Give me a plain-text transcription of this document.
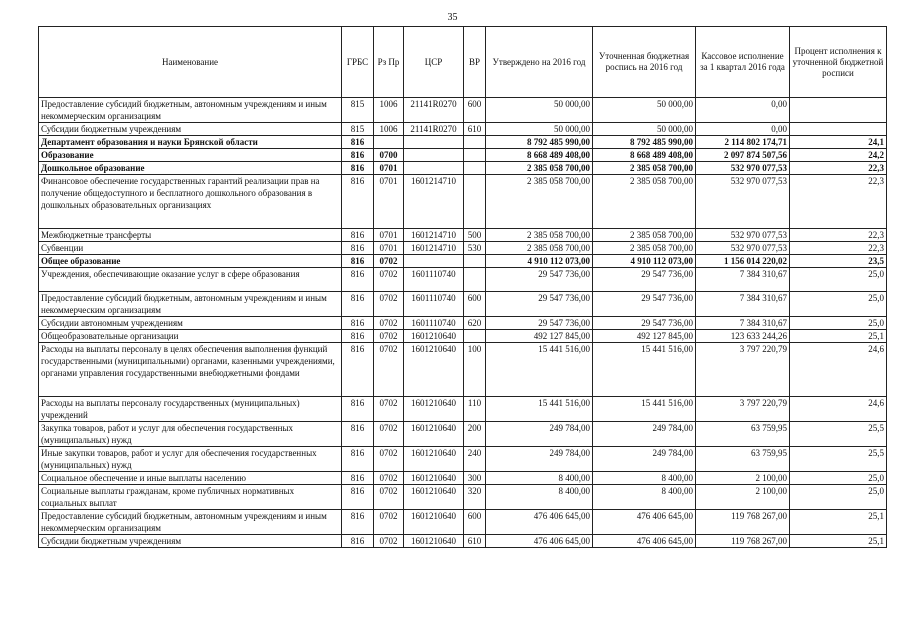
35
Наименование	ГРБС	Рз Пр	ЦСР	ВР	Утверждено на 2016 год	Уточненная бюджетная роспись на 2016 год	Кассовое исполнение за 1 квартал 2016 года	Процент исполнения к уточненной бюджетной росписи
Предоставление субсидий бюджетным, автономным учреждениям и иным некоммерческим организациям	815	1006	21141R0270	600	50 000,00	50 000,00	0,00	
Субсидии бюджетным учреждениям	815	1006	21141R0270	610	50 000,00	50 000,00	0,00	
Департамент образования и науки Брянской области	816				8 792 485 990,00	8 792 485 990,00	2 114 802 174,71	24,1
Образование	816	0700			8 668 489 408,00	8 668 489 408,00	2 097 874 507,56	24,2
Дошкольное образование	816	0701			2 385 058 700,00	2 385 058 700,00	532 970 077,53	22,3
Финансовое обеспечение государственных гарантий реализации прав на получение общедоступного и бесплатного дошкольного образования в дошкольных образовательных организациях	816	0701	1601214710		2 385 058 700,00	2 385 058 700,00	532 970 077,53	22,3
Межбюджетные трансферты	816	0701	1601214710	500	2 385 058 700,00	2 385 058 700,00	532 970 077,53	22,3
Субвенции	816	0701	1601214710	530	2 385 058 700,00	2 385 058 700,00	532 970 077,53	22,3
Общее образование	816	0702			4 910 112 073,00	4 910 112 073,00	1 156 014 220,02	23,5
Учреждения, обеспечивающие оказание услуг в сфере образования	816	0702	1601110740		29 547 736,00	29 547 736,00	7 384 310,67	25,0
Предоставление субсидий бюджетным, автономным учреждениям и иным некоммерческим организациям	816	0702	1601110740	600	29 547 736,00	29 547 736,00	7 384 310,67	25,0
Субсидии автономным учреждениям	816	0702	1601110740	620	29 547 736,00	29 547 736,00	7 384 310,67	25,0
Общеобразовательные организации	816	0702	1601210640		492 127 845,00	492 127 845,00	123 633 244,26	25,1
Расходы на выплаты персоналу в целях обеспечения выполнения функций государственными (муниципальными) органами, казенными учреждениями, органами управления государственными внебюджетными фондами	816	0702	1601210640	100	15 441 516,00	15 441 516,00	3 797 220,79	24,6
Расходы на выплаты персоналу государственных (муниципальных) учреждений	816	0702	1601210640	110	15 441 516,00	15 441 516,00	3 797 220,79	24,6
Закупка товаров, работ и услуг для обеспечения государственных (муниципальных) нужд	816	0702	1601210640	200	249 784,00	249 784,00	63 759,95	25,5
Иные закупки товаров, работ и услуг для обеспечения государственных (муниципальных) нужд	816	0702	1601210640	240	249 784,00	249 784,00	63 759,95	25,5
Социальное обеспечение и иные выплаты населению	816	0702	1601210640	300	8 400,00	8 400,00	2 100,00	25,0
Социальные выплаты гражданам, кроме публичных нормативных социальных выплат	816	0702	1601210640	320	8 400,00	8 400,00	2 100,00	25,0
Предоставление субсидий бюджетным, автономным учреждениям и иным некоммерческим организациям	816	0702	1601210640	600	476 406 645,00	476 406 645,00	119 768 267,00	25,1
Субсидии бюджетным учреждениям	816	0702	1601210640	610	476 406 645,00	476 406 645,00	119 768 267,00	25,1
